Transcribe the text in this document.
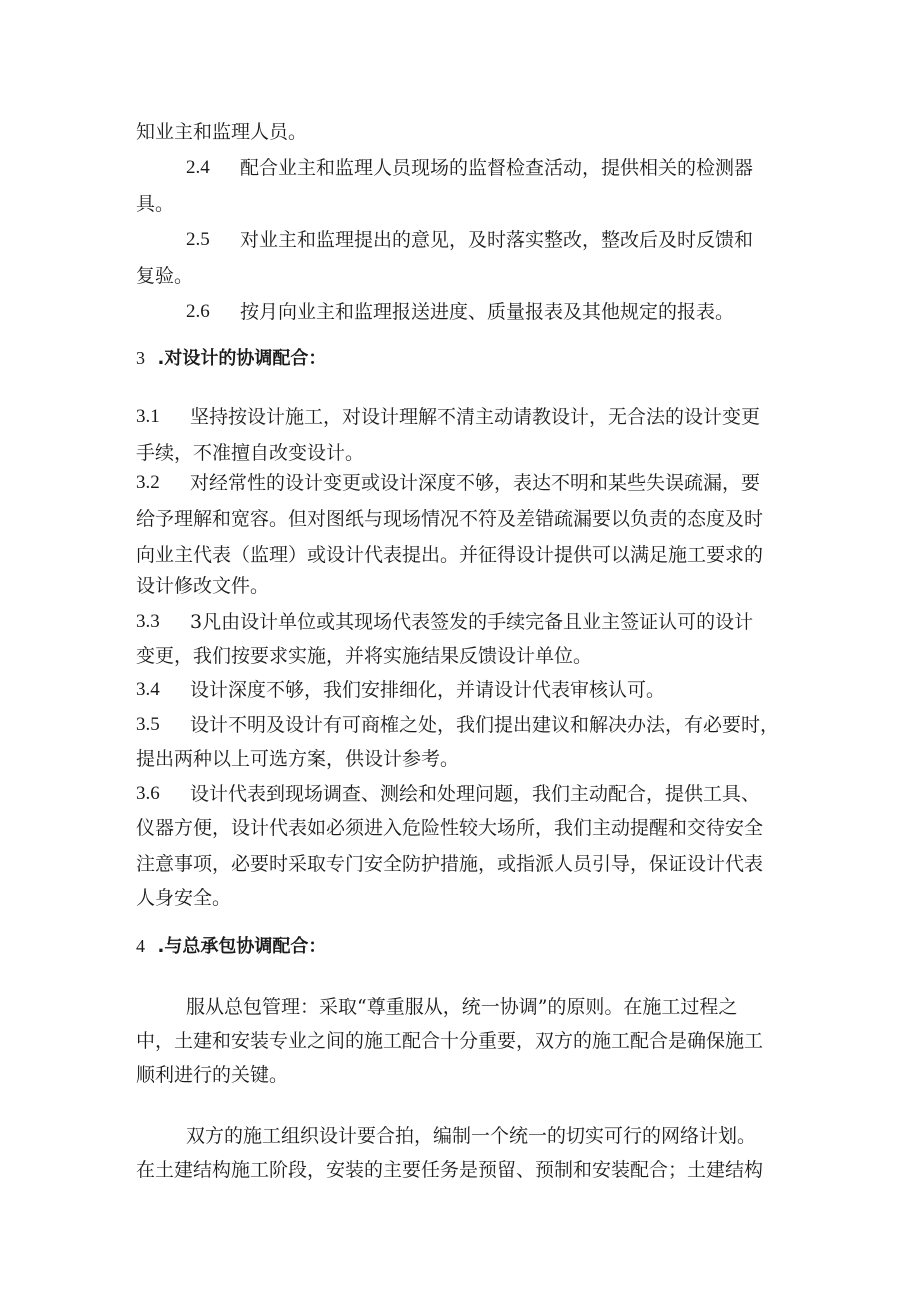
知业主和监理人员。

2.4 配合业主和监理人员现场的监督检查活动，提供相关的检测器

具。

2.5 对业主和监理提出的意见，及时落实整改，整改后及时反馈和

复验。

2.6 按月向业主和监理报送进度、质量报表及其他规定的报表。

3 .对设计的协调配合：

3.1 坚持按设计施工，对设计理解不清主动请教设计，无合法的设计变更

手续，不准擅自改变设计。

3.2 对经常性的设计变更或设计深度不够，表达不明和某些失误疏漏，要

给予理解和宽容。但对图纸与现场情况不符及差错疏漏要以负责的态度及时

向业主代表（监理）或设计代表提出。并征得设计提供可以满足施工要求的

设计修改文件。

3.3 3凡由设计单位或其现场代表签发的手续完备且业主签证认可的设计

变更，我们按要求实施，并将实施结果反馈设计单位。

3.4 设计深度不够，我们安排细化，并请设计代表审核认可。

3.5 设计不明及设计有可商榷之处，我们提出建议和解决办法，有必要时，

提出两种以上可选方案，供设计参考。

3.6 设计代表到现场调查、测绘和处理问题，我们主动配合，提供工具、

仪器方便，设计代表如必须进入危险性较大场所，我们主动提醒和交待安全

注意事项，必要时采取专门安全防护措施，或指派人员引导，保证设计代表

人身安全。

4 .与总承包协调配合：

服从总包管理：采取“尊重服从，统一协调”的原则。在施工过程之

中，土建和安装专业之间的施工配合十分重要，双方的施工配合是确保施工

顺利进行的关键。

双方的施工组织设计要合拍，编制一个统一的切实可行的网络计划。

在土建结构施工阶段，安装的主要任务是预留、预制和安装配合；土建结构
